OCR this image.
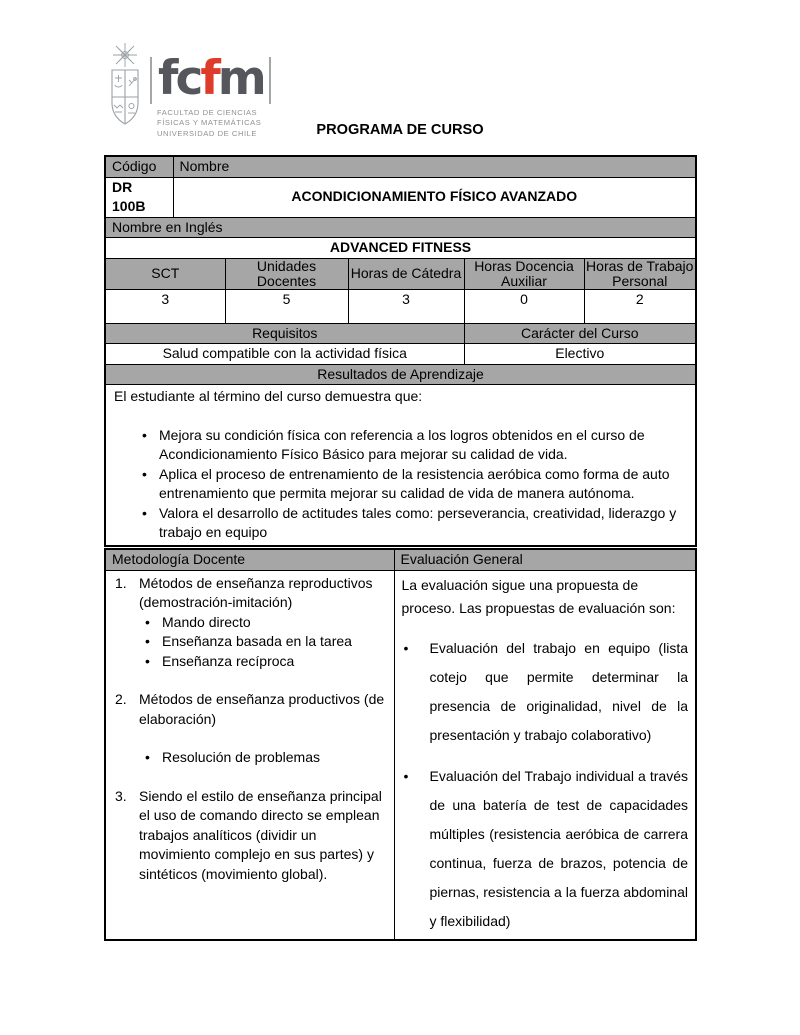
fcfm
FACULTAD DE CIENCIAS
FÍSICAS Y MATEMÁTICAS
UNIVERSIDAD DE CHILE	PROGRAMA DE CURSO
Código	Nombre				
DR 100B	ACONDICIONAMIENTO FÍSICO AVANZADO				
Nombre en Inglés					
ADVANCED FITNESS					
SCT		Unidades Docentes	Horas de Cátedra	Horas Docencia Auxiliar	Horas de Trabajo Personal
3		5	3	0	2
Requisitos				Carácter del Curso	
Salud compatible con la actividad física				Electivo	
Resultados de Aprendizaje					

El estudiante al término del curso demuestra que:
• Mejora su condición física con referencia a los logros obtenidos en el curso de Acondicionamiento Físico Básico para mejorar su calidad de vida.
• Aplica el proceso de entrenamiento de la resistencia aeróbica como forma de auto entrenamiento que permita mejorar su calidad de vida de manera autónoma.
• Valora el desarrollo de actitudes tales como: perseverancia, creatividad, liderazgo y trabajo en equipo
Metodología Docente	Evaluación General

1. Métodos de enseñanza reproductivos (demostración-imitación)
• Mando directo
• Enseñanza basada en la tarea
• Enseñanza recíproca
2. Métodos de enseñanza productivos (de elaboración)
• Resolución de problemas
3. Siendo el estilo de enseñanza principal el uso de comando directo se emplean trabajos analíticos (dividir un movimiento complejo en sus partes) y sintéticos (movimiento global).

La evaluación sigue una propuesta de proceso. Las propuestas de evaluación son:
•	Evaluación del trabajo en equipo (lista cotejo que permite determinar la presencia de originalidad, nivel de la presentación y trabajo colaborativo)
•	Evaluación del Trabajo individual a través de una batería de test de capacidades múltiples (resistencia aeróbica de carrera continua, fuerza de brazos, potencia de piernas, resistencia a la fuerza abdominal y flexibilidad)
